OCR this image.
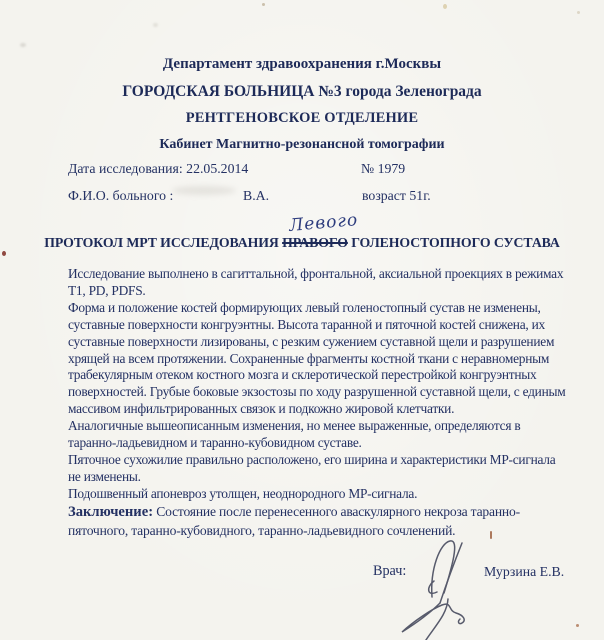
Департамент здравоохранения г.Москвы
ГОРОДСКАЯ БОЛЬНИЦА №3 города Зеленограда
РЕНТГЕНОВСКОЕ ОТДЕЛЕНИЕ
Кабинет Магнитно-резонансной томографии
Дата исследования: 22.05.2014	№ 1979
Ф.И.О. больного :	В.А.	возраст 51г.
ПРОТОКОЛ МРТ ИССЛЕДОВАНИЯ ПРАВОГО ГОЛЕНОСТОПНОГО СУСТАВА
Левого
Исследование выполнено в сагиттальной, фронтальной, аксиальной проекциях в режимах
Т1, PD, PDFS.
Форма и положение костей формирующих левый голеностопный сустав не изменены,
суставные поверхности конгруэнтны. Высота таранной и пяточной костей снижена, их
суставные поверхности лизированы, с резким сужением суставной щели и разрушением
хрящей на всем протяжении. Сохраненные фрагменты костной ткани с неравномерным
трабекулярным отеком костного мозга и склеротической перестройкой конгруэнтных
поверхностей. Грубые боковые экзостозы по ходу разрушенной суставной щели, с единым
массивом инфильтрированных связок и подкожно жировой клетчатки.
Аналогичные вышеописанным изменения, но менее выраженные, определяются в
таранно-ладьевидном и таранно-кубовидном суставе.
Пяточное сухожилие правильно расположено, его ширина и характеристики МР-сигнала
не изменены.
Подошвенный апоневроз утолщен, неоднородного МР-сигнала.
Заключение: Состояние после перенесенного аваскулярного некроза таранно-
пяточного, таранно-кубовидного, таранно-ладьевидного сочленений.
Врач:	Мурзина Е.В.
